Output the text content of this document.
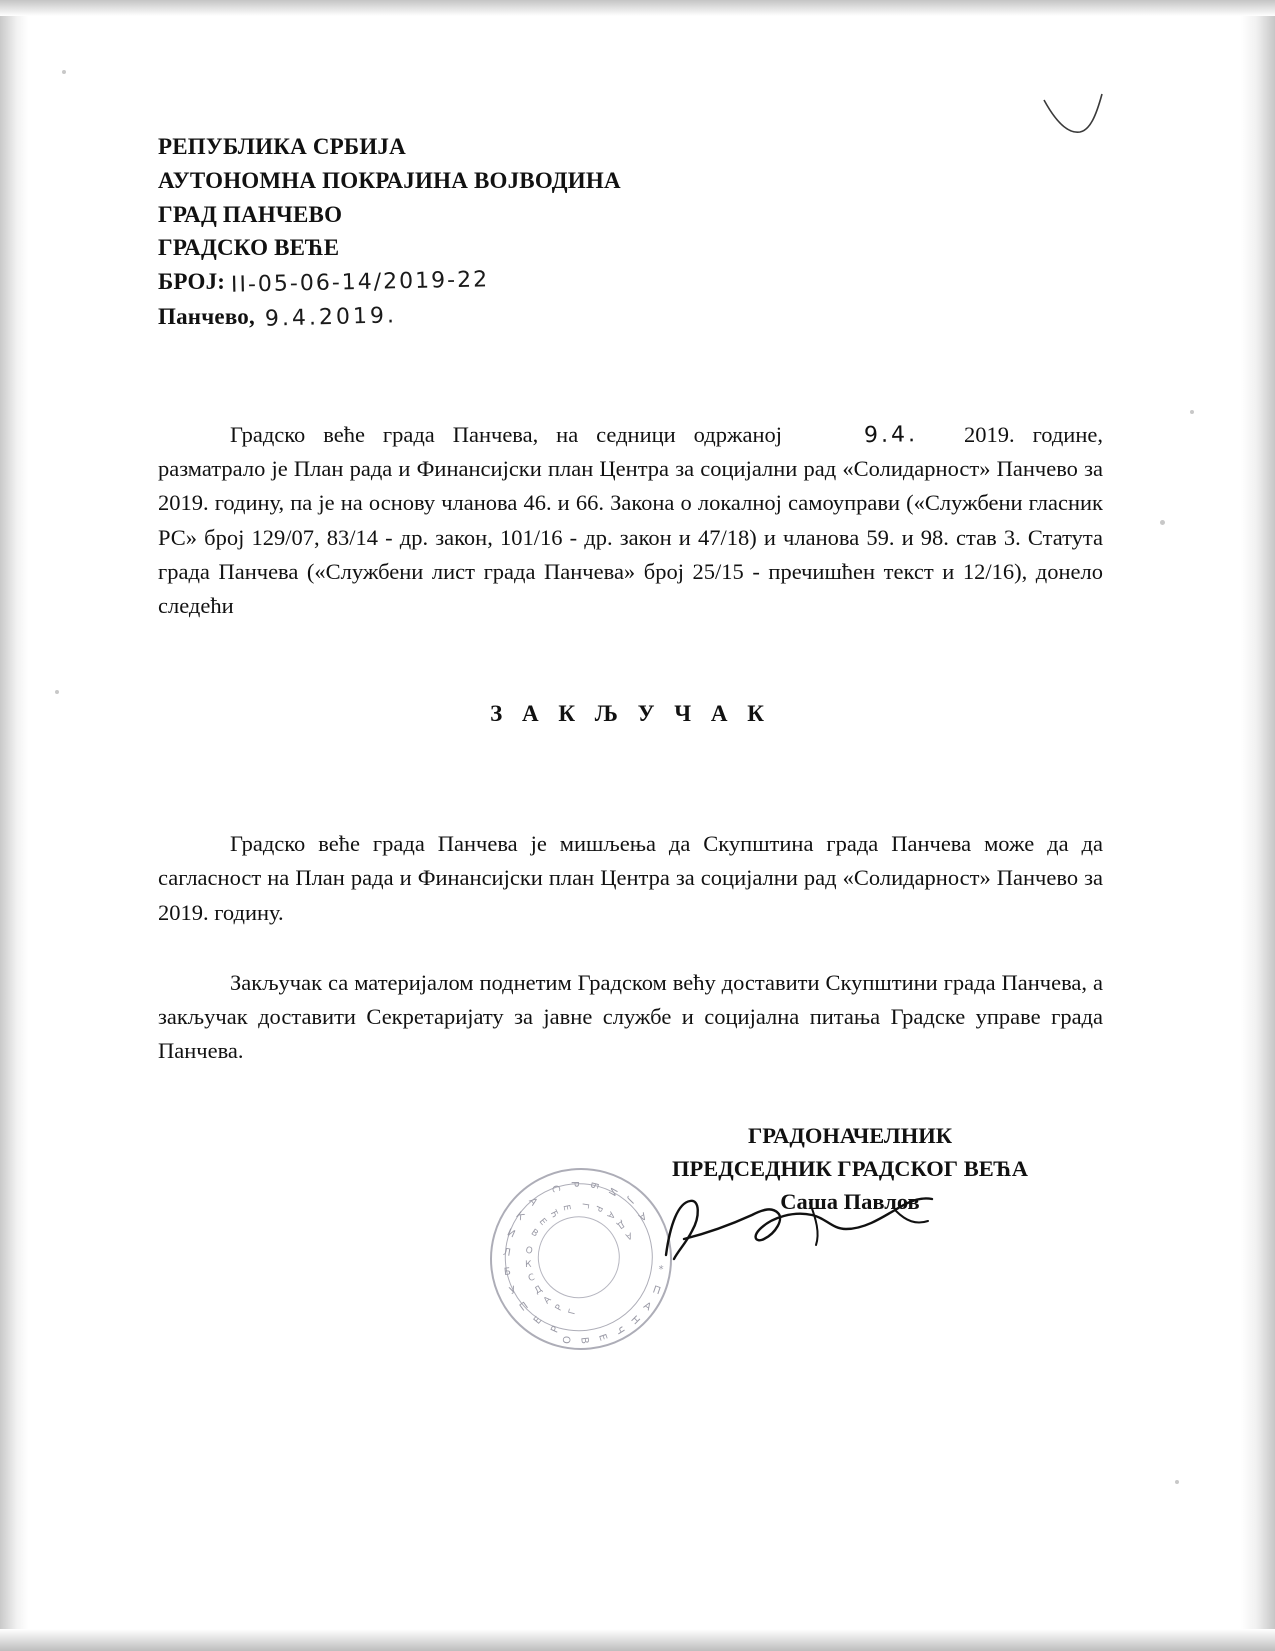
РЕПУБЛИКА СРБИЈА
АУТОНОМНА ПОКРАЈИНА ВОЈВОДИНА
ГРАД ПАНЧЕВО
ГРАДСКО ВЕЋЕ
БРОЈ: II-05-06-14/2019-22
Панчево, 9.4.2019.

Градско веће града Панчева, на седници одржаној	9.4. 2019. године, разматрало је План рада и Финансијски план Центра за социјални рад «Солидарност» Панчево за 2019. годину, па је на основу чланова 46. и 66. Закона о локалној самоуправи («Службени гласник РС» број 129/07, 83/14 - др. закон, 101/16 - др. закон и 47/18) и чланова 59. и 98. став 3. Статута града Панчева («Службени лист града Панчева» број 25/15 - пречишћен текст и 12/16), донело следећи

З А К Љ У Ч А К

Градско веће града Панчева је мишљења да Скупштина града Панчева може да да сагласност на План рада и Финансијски план Центра за социјални рад «Солидарност» Панчево за 2019. годину.

Закључак са материјалом поднетим Градском већу доставити Скупштини града Панчева, а закључак доставити Секретаријату за јавне службе и социјална питања Градске управе града Панчева.

ГРАДОНАЧЕЛНИК
ПРЕДСЕДНИК ГРАДСКОГ ВЕЋА
Саша Павлов
Р
Е
П
У
Б
Л
И
К
А
С Р Б
И
Ј
А
*
П
А
Н
Ч
Е
В
О
Г
Р
А
Д
С
К
О
В
Е
Ћ
Е Г Р
А
Д
А
